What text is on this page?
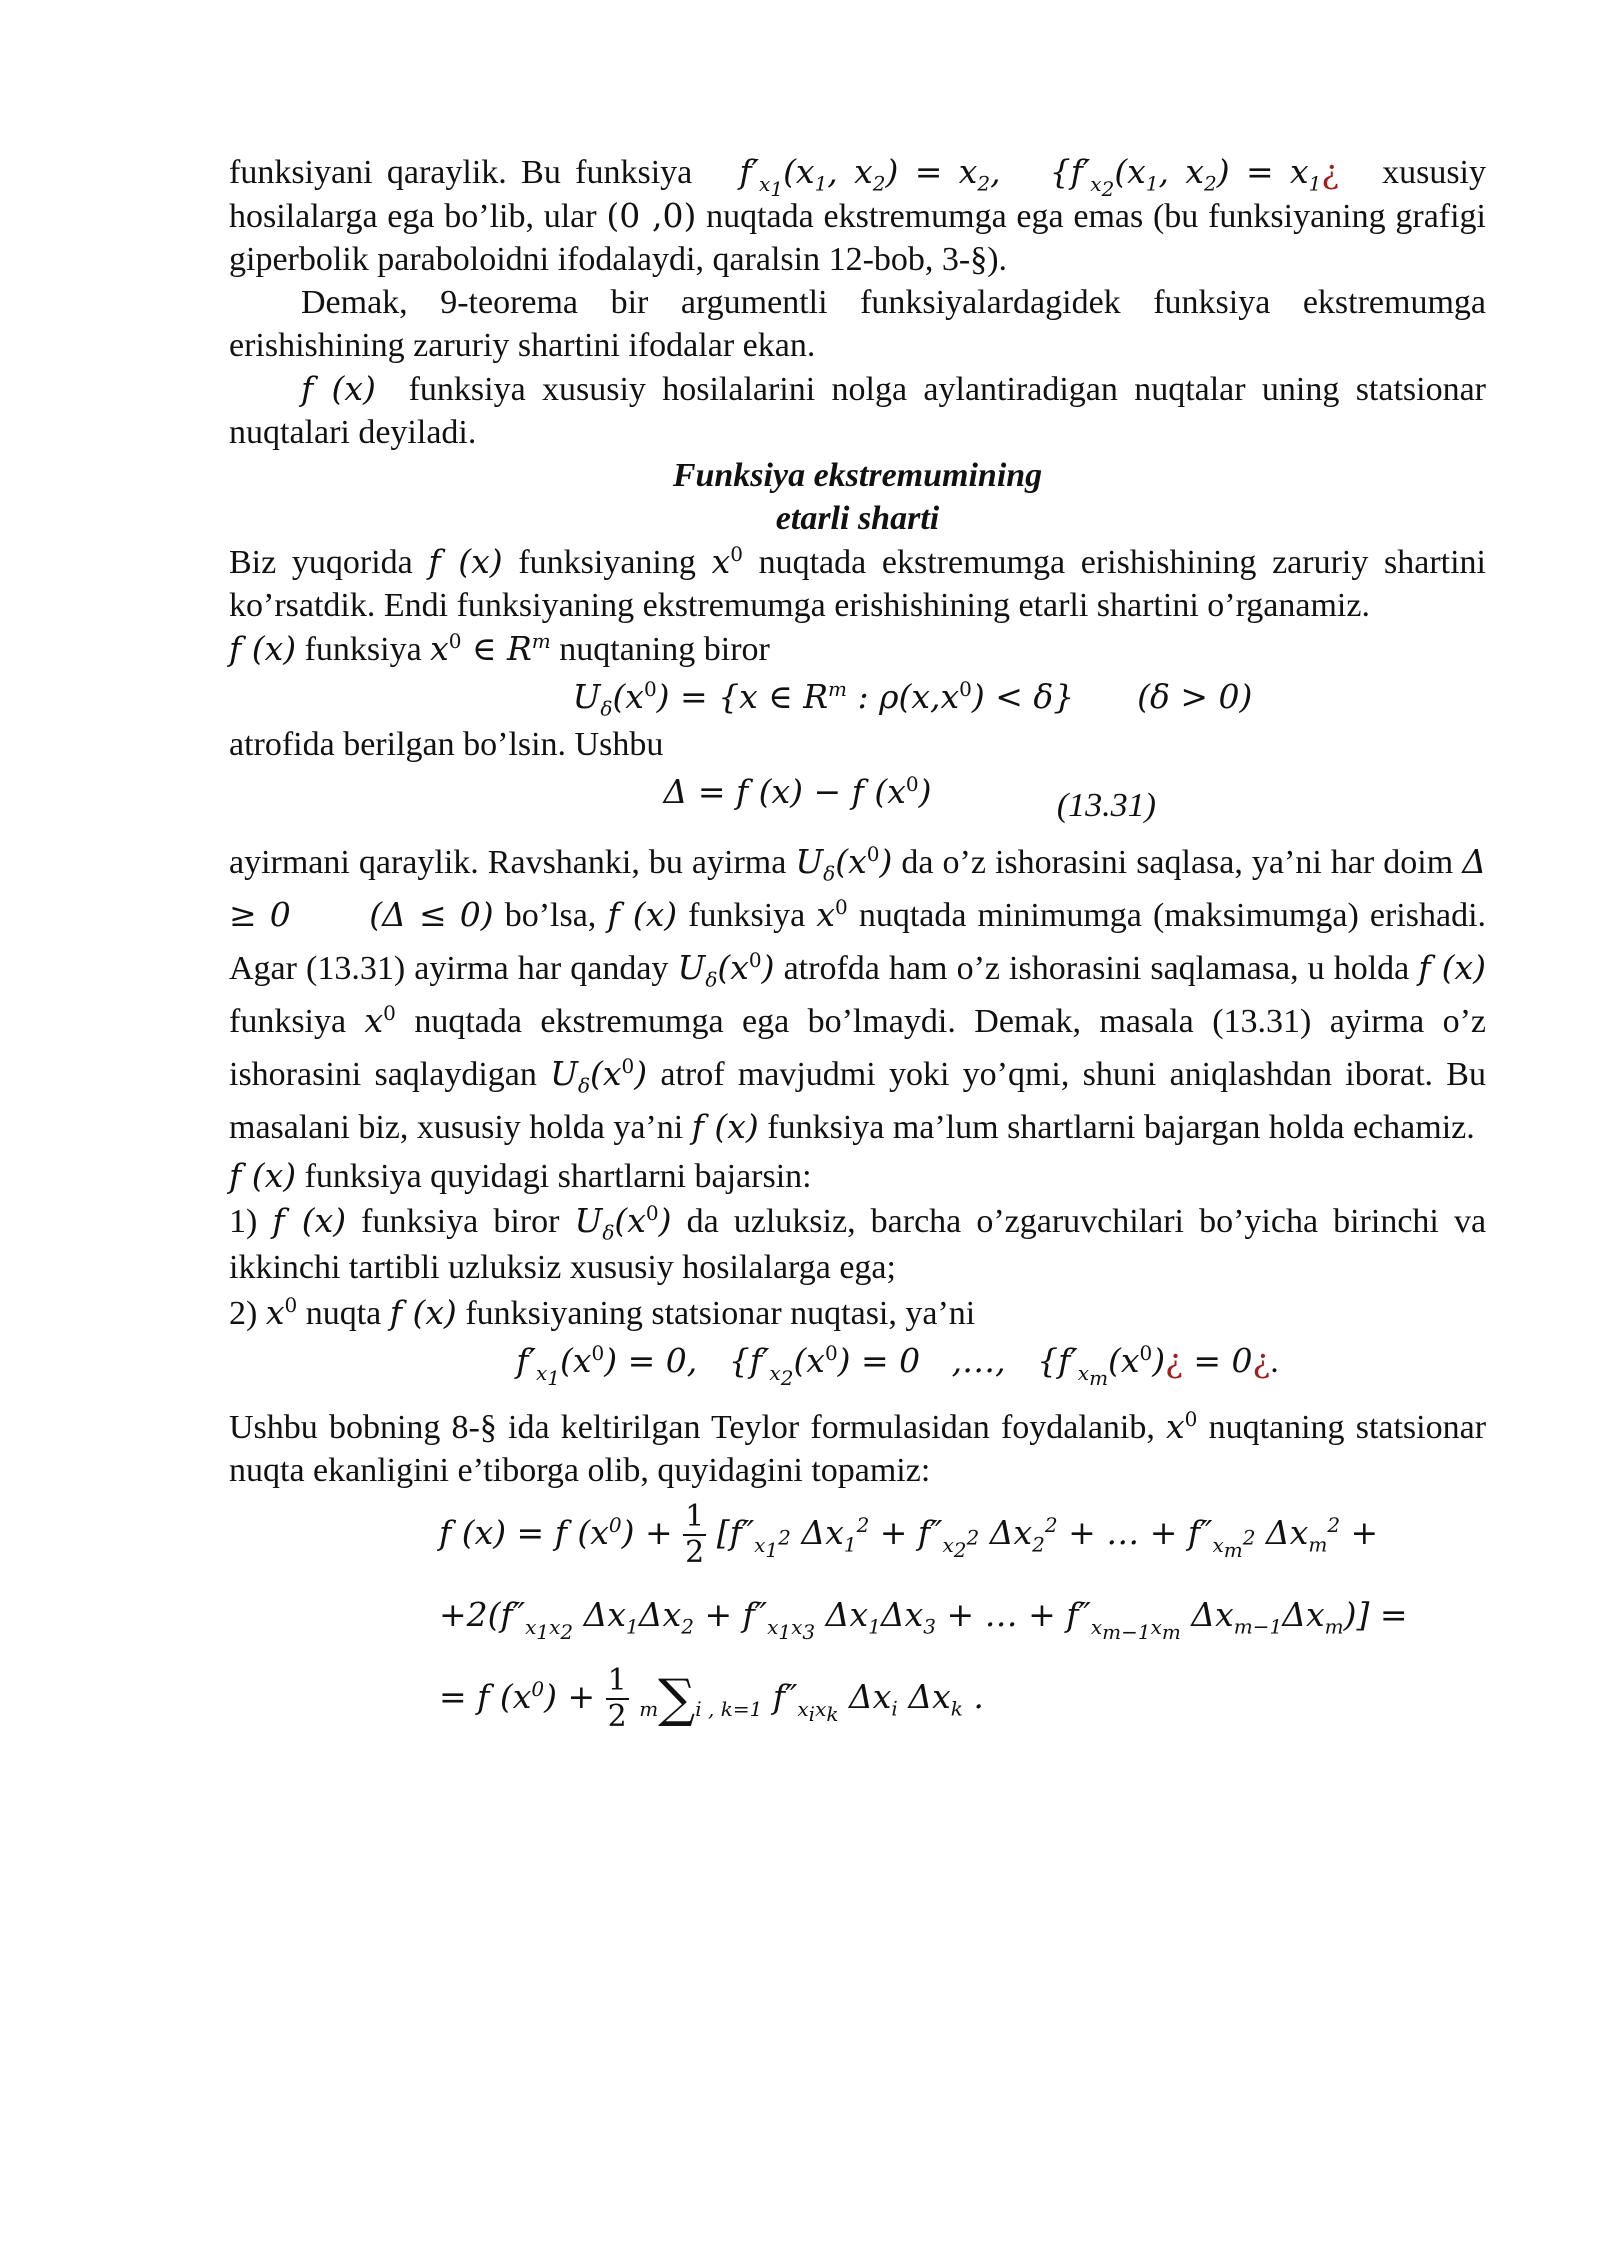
funksiyani qaraylik. Bu funksiya   $f'_{x_1}(x_1$, $x_2) = x_2$,   {$f'_{x_2}(x_1$, $x_2$) = $x_1¿$ xususiy hosilalarga ega bo’lib, ular (0 ,0) nuqtada ekstremumga ega emas (bu funksiyaning grafigi giperbolik paraboloidni ifodalaydi, qaralsin 12-bob, 3-§).

Demak, 9-teorema bir argumentli funksiyalardagidek funksiya ekstremumga erishishining zaruriy shartini ifodalar ekan.

f (x) funksiya xususiy hosilalarini nolga aylantiradigan nuqtalar uning statsionar nuqtalari deyiladi.

Funksiya ekstremumining

etarli sharti

Biz yuqorida f (x) funksiyaning $x^0$ nuqtada ekstremumga erishishining zaruriy shartini ko’rsatdik. Endi funksiyaning ekstremumga erishishining etarli shartini o’rganamiz.

f (x) funksiya $x^0$ ∈ $R^m$ nuqtaning biror

$U_\delta(x^0) = \{x$ ∈ $R^m$ : $\rho(x,x^0) < \delta$}      (δ > 0)

atrofida berilgan bo’lsin. Ushbu

Δ = f (x) − f $(x^0)$	(13.31)

ayirmani qaraylik. Ravshanki, bu ayirma $U_\delta(x^0)$ da o’z ishorasini saqlasa, ya’ni har doim Δ ≥ 0      (Δ ≤ 0) bo’lsa, f (x) funksiya $x^0$ nuqtada minimumga (maksimumga) erishadi. Agar (13.31) ayirma har qanday $U_\delta(x^0)$ atrofda ham o’z ishorasini saqlamasa, u holda f (x) funksiya $x^0$ nuqtada ekstremumga ega bo’lmaydi. Demak, masala (13.31) ayirma o’z ishorasini saqlaydigan $U_\delta(x^0)$ atrof mavjudmi yoki yo’qmi, shuni aniqlashdan iborat. Bu masalani biz, xususiy holda ya’ni f (x) funksiya ma’lum shartlarni bajargan holda echamiz.

f (x) funksiya quyidagi shartlarni bajarsin:

1) f (x) funksiya biror $U_\delta(x^0)$ da uzluksiz, barcha o’zgaruvchilari bo’yicha birinchi va ikkinchi tartibli uzluksiz xususiy hosilalarga ega;

2) $x^0$ nuqta f (x) funksiyaning statsionar nuqtasi, ya’ni

$f'_{x_1}(x^0) = 0$,   {$f'_{x_2}(x^0) = 0$   ,…,   {$f'_{x_m}(x^0)¿$ = 0¿.

Ushbu bobning 8-§ ida keltirilgan Teylor formulasidan foydalanib, $x^0$ nuqtaning statsionar nuqta ekanligini e’tiborga olib, quyidagini topamiz:

f (x) = f $(x^0) + \frac{1}{2} [f''_{x_1^2}$ $\Delta x_1^2 + f''_{x_2^2}$ $\Delta x_2^2$ + … + $f''_{x_m^2}$ $\Delta x_m^2$ +
$+2(f''_{x_1x_2}$ $\Delta x_1\Delta x_2 + f''_{x_1x_3}$ $\Delta x_1\Delta x_3$ + … + $f''_{x_{m-1}x_m}$ $\Delta x_{m-1}\Delta x_m$)] =
= f $(x^0) + \frac{1}{2} m\sum i$ , k=1 $f''_{x_ix_k}$ $\Delta x_i$ $\Delta x_k$ .
